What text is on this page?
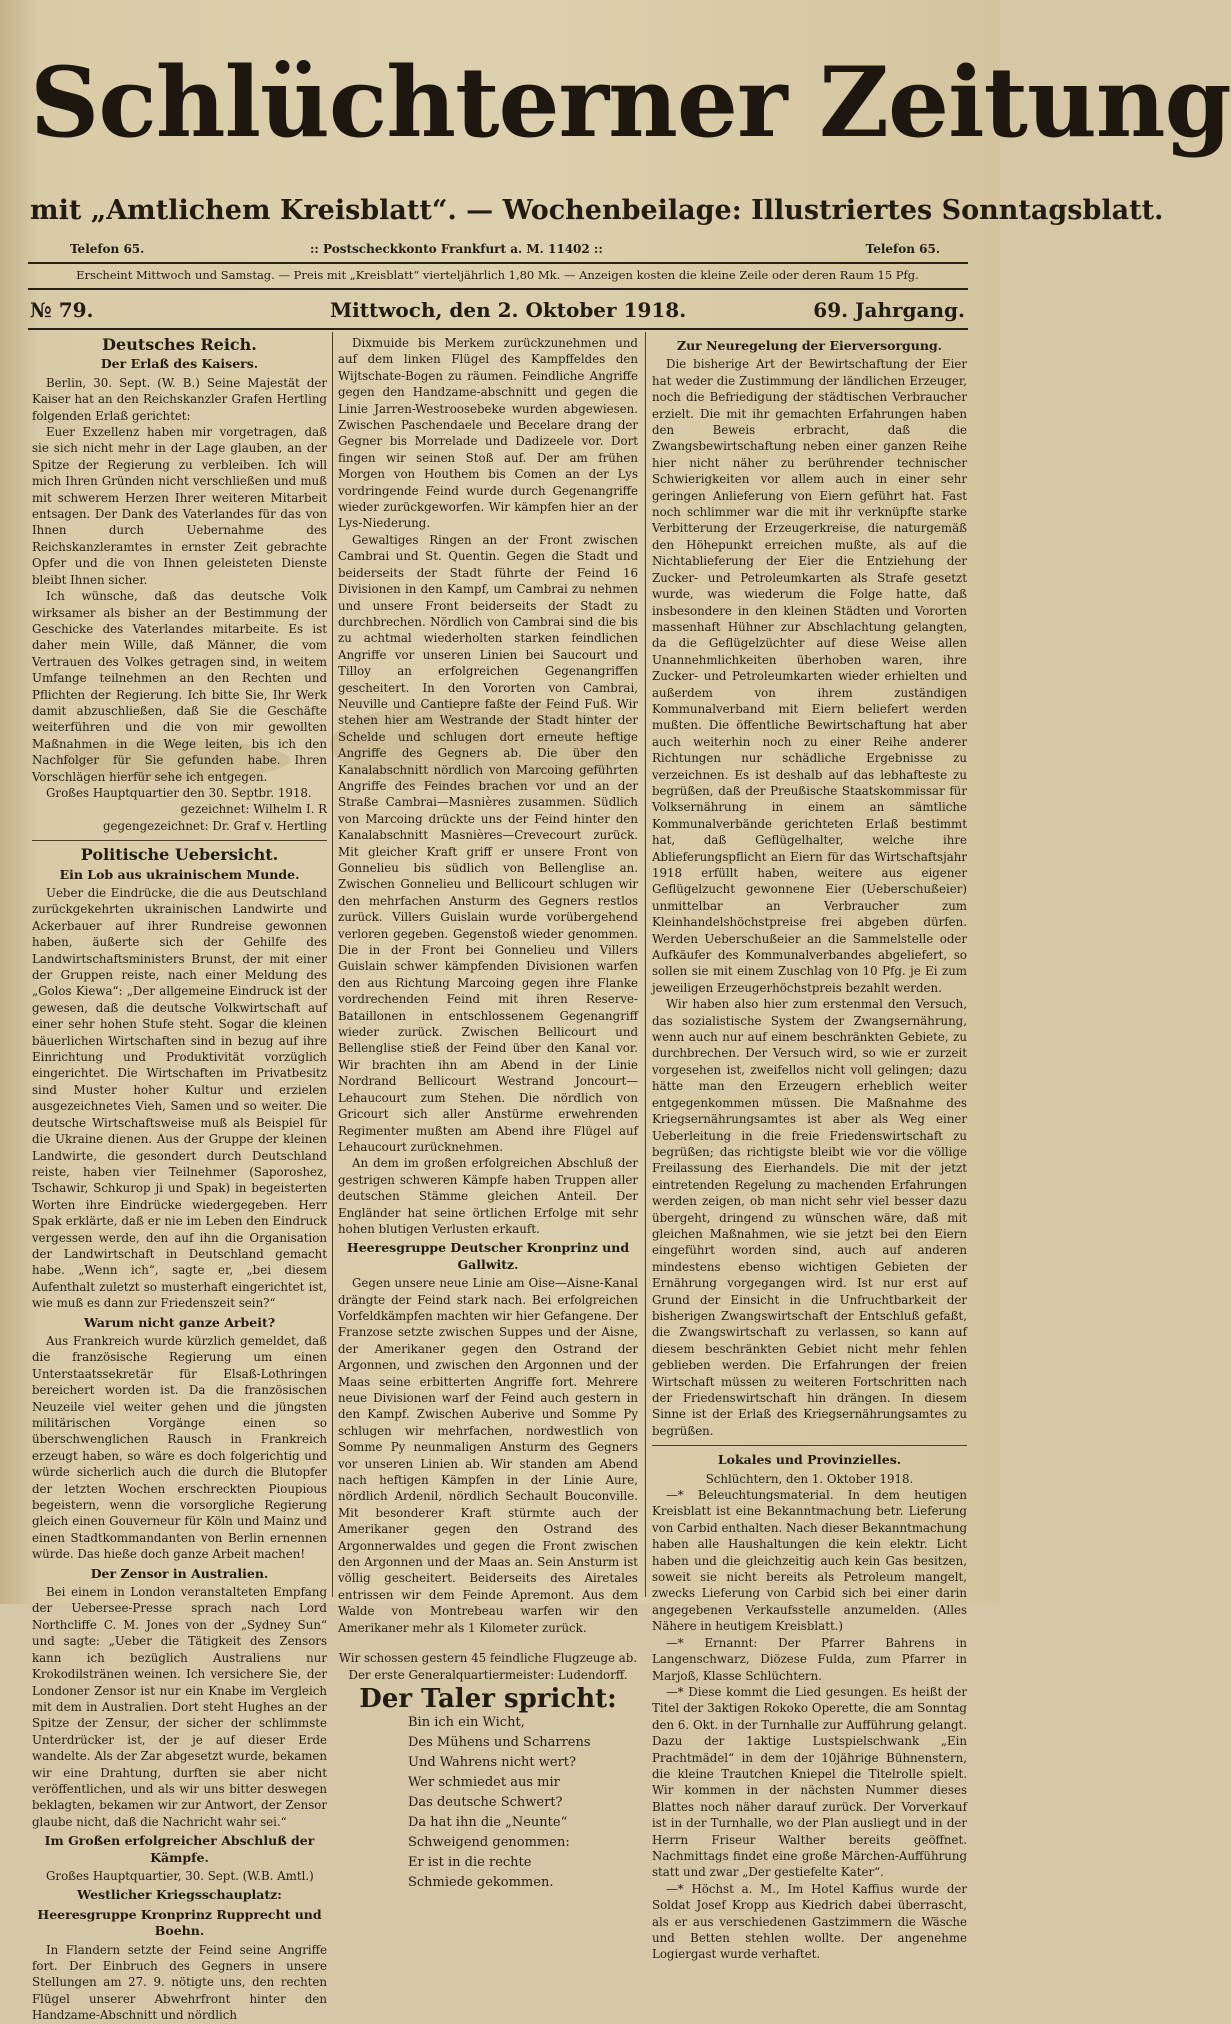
Schlüchterner Zeitung
mit „Amtlichem Kreisblatt“. — Wochenbeilage: Illustriertes Sonntagsblatt.
Telefon 65.	:: Postscheckkonto Frankfurt a. M. 11402 ::	Telefon 65.
Erscheint Mittwoch und Samstag. — Preis mit „Kreisblatt“ vierteljährlich 1,80 Mk. — Anzeigen kosten die kleine Zeile oder deren Raum 15 Pfg.
№ 79.	Mittwoch, den 2. Oktober 1918.	69. Jahrgang.
Deutsches Reich.
Der Erlaß des Kaisers.

Berlin, 30. Sept. (W. B.) Seine Majestät der Kaiser hat an den Reichskanzler Grafen Hertling folgenden Erlaß gerichtet:

Euer Exzellenz haben mir vorgetragen, daß sie sich nicht mehr in der Lage glauben, an der Spitze der Regierung zu verbleiben. Ich will mich Ihren Gründen nicht verschließen und muß mit schwerem Herzen Ihrer weiteren Mitarbeit entsagen. Der Dank des Vaterlandes für das von Ihnen durch Uebernahme des Reichskanzleramtes in ernster Zeit gebrachte Opfer und die von Ihnen geleisteten Dienste bleibt Ihnen sicher.

Ich wünsche, daß das deutsche Volk wirksamer als bisher an der Bestimmung der Geschicke des Vaterlandes mitarbeite. Es ist daher mein Wille, daß Männer, die vom Vertrauen des Volkes getragen sind, in weitem Umfange teilnehmen an den Rechten und Pflichten der Regierung. Ich bitte Sie, Ihr Werk damit abzuschließen, daß Sie die Geschäfte weiterführen und die von mir gewollten Maßnahmen in die Wege leiten, bis ich den Nachfolger für Sie gefunden habe. Ihren Vorschlägen hierfür sehe ich entgegen.

Großes Hauptquartier den 30. Septbr. 1918.

gezeichnet: Wilhelm I. R
gegengezeichnet: Dr. Graf v. Hertling
Politische Uebersicht.
Ein Lob aus ukrainischem Munde.

Ueber die Eindrücke, die die aus Deutschland zurückgekehrten ukrainischen Landwirte und Ackerbauer auf ihrer Rundreise gewonnen haben, äußerte sich der Gehilfe des Landwirtschaftsministers Brunst, der mit einer der Gruppen reiste, nach einer Meldung des „Golos Kiewa“: „Der allgemeine Eindruck ist der gewesen, daß die deutsche Volkwirtschaft auf einer sehr hohen Stufe steht. Sogar die kleinen bäuerlichen Wirtschaften sind in bezug auf ihre Einrichtung und Produktivität vorzüglich eingerichtet. Die Wirtschaften im Privatbesitz sind Muster hoher Kultur und erzielen ausgezeichnetes Vieh, Samen und so weiter. Die deutsche Wirtschaftsweise muß als Beispiel für die Ukraine dienen. Aus der Gruppe der kleinen Landwirte, die gesondert durch Deutschland reiste, haben vier Teilnehmer (Saporoshez, Tschawir, Schkurop ji und Spak) in begeisterten Worten ihre Eindrücke wiedergegeben. Herr Spak erklärte, daß er nie im Leben den Eindruck vergessen werde, den auf ihn die Organisation der Landwirtschaft in Deutschland gemacht habe. „Wenn ich“, sagte er, „bei diesem Aufenthalt zuletzt so musterhaft eingerichtet ist, wie muß es dann zur Friedenszeit sein?“

Warum nicht ganze Arbeit?

Aus Frankreich wurde kürzlich gemeldet, daß die französische Regierung um einen Unterstaatssekretär für Elsaß-Lothringen bereichert worden ist. Da die französischen Neuzeile viel weiter gehen und die jüngsten militärischen Vorgänge einen so überschwenglichen Rausch in Frankreich erzeugt haben, so wäre es doch folgerichtig und würde sicherlich auch die durch die Blutopfer der letzten Wochen erschreckten Pioupious begeistern, wenn die vorsorgliche Regierung gleich einen Gouverneur für Köln und Mainz und einen Stadtkommandanten von Berlin ernennen würde. Das hieße doch ganze Arbeit machen!

Der Zensor in Australien.

Bei einem in London veranstalteten Empfang der Uebersee-Presse sprach nach Lord Northcliffe C. M. Jones von der „Sydney Sun“ und sagte: „Ueber die Tätigkeit des Zensors kann ich bezüglich Australiens nur Krokodilstränen weinen. Ich versichere Sie, der Londoner Zensor ist nur ein Knabe im Vergleich mit dem in Australien. Dort steht Hughes an der Spitze der Zensur, der sicher der schlimmste Unterdrücker ist, der je auf dieser Erde wandelte. Als der Zar abgesetzt wurde, bekamen wir eine Drahtung, durften sie aber nicht veröffentlichen, und als wir uns bitter deswegen beklagten, bekamen wir zur Antwort, der Zensor glaube nicht, daß die Nachricht wahr sei.“

Im Großen erfolgreicher Abschluß der Kämpfe.

Großes Hauptquartier, 30. Sept. (W.B. Amtl.)

Westlicher Kriegsschauplatz:
Heeresgruppe Kronprinz Rupprecht und Boehn.

In Flandern setzte der Feind seine Angriffe fort. Der Einbruch des Gegners in unsere Stellungen am 27. 9. nötigte uns, den rechten Flügel unserer Abwehrfront hinter den Handzame-Abschnitt und nördlich

Dixmuide bis Merkem zurückzunehmen und auf dem linken Flügel des Kampffeldes den Wijtschate-Bogen zu räumen. Feindliche Angriffe gegen den Handzame-abschnitt und gegen die Linie Jarren-Westroosebeke wurden abgewiesen. Zwischen Paschendaele und Becelare drang der Gegner bis Morrelade und Dadizeele vor. Dort fingen wir seinen Stoß auf. Der am frühen Morgen von Houthem bis Comen an der Lys vordringende Feind wurde durch Gegenangriffe wieder zurückgeworfen. Wir kämpfen hier an der Lys-Niederung.

Gewaltiges Ringen an der Front zwischen Cambrai und St. Quentin. Gegen die Stadt und beiderseits der Stadt führte der Feind 16 Divisionen in den Kampf, um Cambrai zu nehmen und unsere Front beiderseits der Stadt zu durchbrechen. Nördlich von Cambrai sind die bis zu achtmal wiederholten starken feindlichen Angriffe vor unseren Linien bei Saucourt und Tilloy an erfolgreichen Gegenangriffen gescheitert. In den Vororten von Cambrai, Neuville und Cantiepre faßte der Feind Fuß. Wir stehen hier am Westrande der Stadt hinter der Schelde und schlugen dort erneute heftige Angriffe des Gegners ab. Die über den Kanalabschnitt nördlich von Marcoing geführten Angriffe des Feindes brachen vor und an der Straße Cambrai—Masnières zusammen. Südlich von Marcoing drückte uns der Feind hinter den Kanalabschnitt Masnières—Crevecourt zurück. Mit gleicher Kraft griff er unsere Front von Gonnelieu bis südlich von Bellenglise an. Zwischen Gonnelieu und Bellicourt schlugen wir den mehrfachen Ansturm des Gegners restlos zurück. Villers Guislain wurde vorübergehend verloren gegeben. Gegenstoß wieder genommen. Die in der Front bei Gonnelieu und Villers Guislain schwer kämpfenden Divisionen warfen den aus Richtung Marcoing gegen ihre Flanke vordrechenden Feind mit ihren Reserve-Bataillonen in entschlossenem Gegenangriff wieder zurück. Zwischen Bellicourt und Bellenglise stieß der Feind über den Kanal vor. Wir brachten ihn am Abend in der Linie Nordrand Bellicourt Westrand Joncourt—Lehaucourt zum Stehen. Die nördlich von Gricourt sich aller Anstürme erwehrenden Regimenter mußten am Abend ihre Flügel auf Lehaucourt zurücknehmen.

An dem im großen erfolgreichen Abschluß der gestrigen schweren Kämpfe haben Truppen aller deutschen Stämme gleichen Anteil. Der Engländer hat seine örtlichen Erfolge mit sehr hohen blutigen Verlusten erkauft.

Heeresgruppe Deutscher Kronprinz und Gallwitz.

Gegen unsere neue Linie am Oise—Aisne-Kanal drängte der Feind stark nach. Bei erfolgreichen Vorfeldkämpfen machten wir hier Gefangene. Der Franzose setzte zwischen Suppes und der Aisne, der Amerikaner gegen den Ostrand der Argonnen, und zwischen den Argonnen und der Maas seine erbitterten Angriffe fort. Mehrere neue Divisionen warf der Feind auch gestern in den Kampf. Zwischen Auberive und Somme Py schlugen wir mehrfachen, nordwestlich von Somme Py neunmaligen Ansturm des Gegners vor unseren Linien ab. Wir standen am Abend nach heftigen Kämpfen in der Linie Aure, nördlich Ardenil, nördlich Sechault Bouconville. Mit besonderer Kraft stürmte auch der Amerikaner gegen den Ostrand des Argonnerwaldes und gegen die Front zwischen den Argonnen und der Maas an. Sein Ansturm ist völlig gescheitert. Beiderseits des Airetales entrissen wir dem Feinde Apremont. Aus dem Walde von Montrebeau warfen wir den Amerikaner mehr als 1 Kilometer zurück.

Wir schossen gestern 45 feindliche Flugzeuge ab.
Der erste Generalquartiermeister: Ludendorff.
Der Taler spricht:
Bin ich ein Wicht,
Des Mühens und Scharrens
Und Wahrens nicht wert?
Wer schmiedet aus mir
Das deutsche Schwert?
Da hat ihn die „Neunte“
Schweigend genommen:
Er ist in die rechte
Schmiede gekommen.
Zur Neuregelung der Eierversorgung.

Die bisherige Art der Bewirtschaftung der Eier hat weder die Zustimmung der ländlichen Erzeuger, noch die Befriedigung der städtischen Verbraucher erzielt. Die mit ihr gemachten Erfahrungen haben den Beweis erbracht, daß die Zwangsbewirtschaftung neben einer ganzen Reihe hier nicht näher zu berührender technischer Schwierigkeiten vor allem auch in einer sehr geringen Anlieferung von Eiern geführt hat. Fast noch schlimmer war die mit ihr verknüpfte starke Verbitterung der Erzeugerkreise, die naturgemäß den Höhepunkt erreichen mußte, als auf die Nichtablieferung der Eier die Entziehung der Zucker- und Petroleumkarten als Strafe gesetzt wurde, was wiederum die Folge hatte, daß insbesondere in den kleinen Städten und Vororten massenhaft Hühner zur Abschlachtung gelangten, da die Geflügelzüchter auf diese Weise allen Unannehmlichkeiten überhoben waren, ihre Zucker- und Petroleumkarten wieder erhielten und außerdem von ihrem zuständigen Kommunalverband mit Eiern beliefert werden mußten. Die öffentliche Bewirtschaftung hat aber auch weiterhin noch zu einer Reihe anderer Richtungen nur schädliche Ergebnisse zu verzeichnen. Es ist deshalb auf das lebhafteste zu begrüßen, daß der Preußische Staatskommissar für Volksernährung in einem an sämtliche Kommunalverbände gerichteten Erlaß bestimmt hat, daß Geflügelhalter, welche ihre Ablieferungspflicht an Eiern für das Wirtschaftsjahr 1918 erfüllt haben, weitere aus eigener Geflügelzucht gewonnene Eier (Ueberschußeier) unmittelbar an Verbraucher zum Kleinhandelshöchstpreise frei abgeben dürfen. Werden Ueberschußeier an die Sammelstelle oder Aufkäufer des Kommunalverbandes abgeliefert, so sollen sie mit einem Zuschlag von 10 Pfg. je Ei zum jeweiligen Erzeugerhöchstpreis bezahlt werden.

Wir haben also hier zum erstenmal den Versuch, das sozialistische System der Zwangsernährung, wenn auch nur auf einem beschränkten Gebiete, zu durchbrechen. Der Versuch wird, so wie er zurzeit vorgesehen ist, zweifellos nicht voll gelingen; dazu hätte man den Erzeugern erheblich weiter entgegenkommen müssen. Die Maßnahme des Kriegsernährungsamtes ist aber als Weg einer Ueberleitung in die freie Friedenswirtschaft zu begrüßen; das richtigste bleibt wie vor die völlige Freilassung des Eierhandels. Die mit der jetzt eintretenden Regelung zu machenden Erfahrungen werden zeigen, ob man nicht sehr viel besser dazu übergeht, dringend zu wünschen wäre, daß mit gleichen Maßnahmen, wie sie jetzt bei den Eiern eingeführt worden sind, auch auf anderen mindestens ebenso wichtigen Gebieten der Ernährung vorgegangen wird. Ist nur erst auf Grund der Einsicht in die Unfruchtbarkeit der bisherigen Zwangswirtschaft der Entschluß gefaßt, die Zwangswirtschaft zu verlassen, so kann auf diesem beschränkten Gebiet nicht mehr fehlen geblieben werden. Die Erfahrungen der freien Wirtschaft müssen zu weiteren Fortschritten nach der Friedenswirtschaft hin drängen. In diesem Sinne ist der Erlaß des Kriegsernährungsamtes zu begrüßen.

Lokales und Provinzielles.
Schlüchtern, den 1. Oktober 1918.

—* Beleuchtungsmaterial. In dem heutigen Kreisblatt ist eine Bekanntmachung betr. Lieferung von Carbid enthalten. Nach dieser Bekanntmachung haben alle Haushaltungen die kein elektr. Licht haben und die gleichzeitig auch kein Gas besitzen, soweit sie nicht bereits als Petroleum mangelt, zwecks Lieferung von Carbid sich bei einer darin angegebenen Verkaufsstelle anzumelden. (Alles Nähere in heutigem Kreisblatt.)

—* Ernannt: Der Pfarrer Bahrens in Langenschwarz, Diözese Fulda, zum Pfarrer in Marjoß, Klasse Schlüchtern.

—* Diese kommt die Lied gesungen. Es heißt der Titel der 3aktigen Rokoko Operette, die am Sonntag den 6. Okt. in der Turnhalle zur Aufführung gelangt. Dazu der 1aktige Lustspielschwank „Ein Prachtmädel“ in dem der 10jährige Bühnenstern, die kleine Trautchen Kniepel die Titelrolle spielt. Wir kommen in der nächsten Nummer dieses Blattes noch näher darauf zurück. Der Vorverkauf ist in der Turnhalle, wo der Plan ausliegt und in der Herrn Friseur Walther bereits geöffnet. Nachmittags findet eine große Märchen-Aufführung statt und zwar „Der gestiefelte Kater“.

—* Höchst a. M., Im Hotel Kaffius wurde der Soldat Josef Kropp aus Kiedrich dabei überrascht, als er aus verschiedenen Gastzimmern die Wäsche und Betten stehlen wollte. Der angenehme Logiergast wurde verhaftet.
